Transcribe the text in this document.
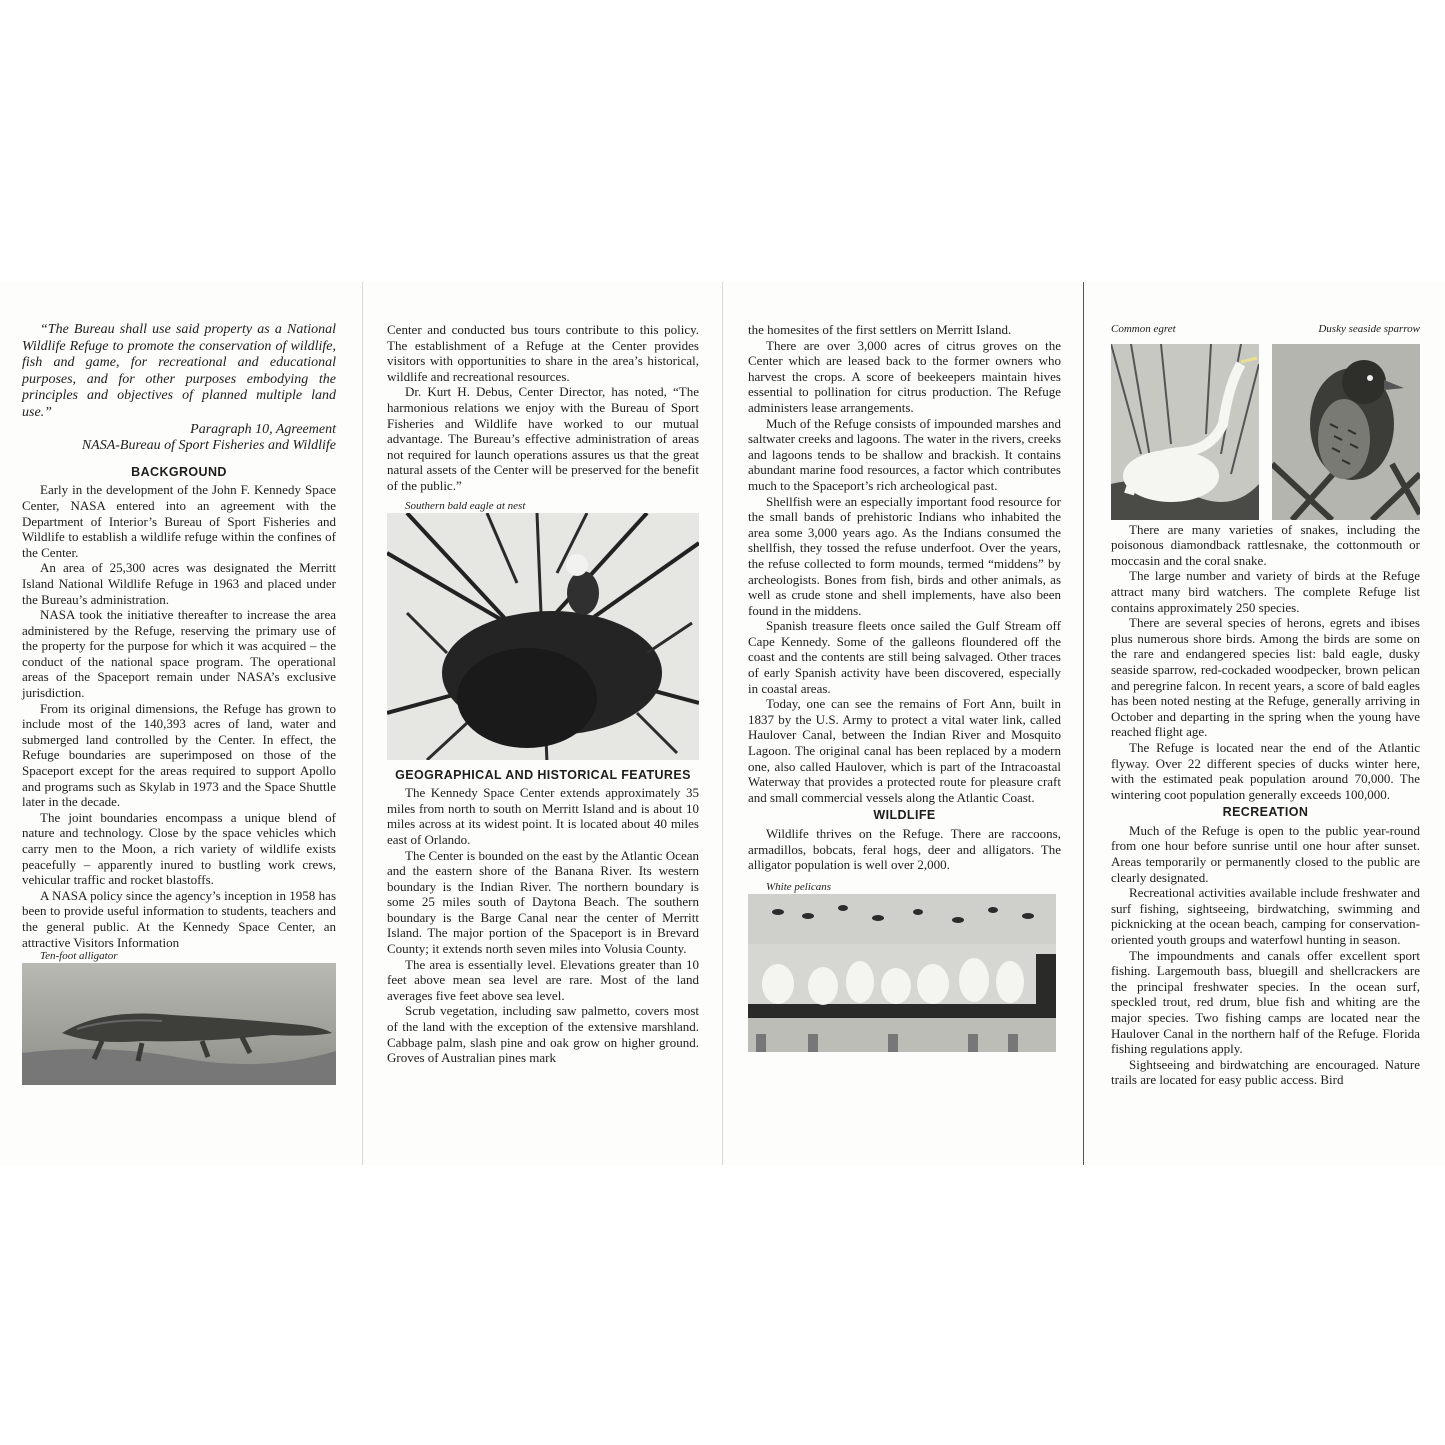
“The Bureau shall use said property as a National Wildlife Refuge to promote the conservation of wildlife, fish and game, for recreational and educational purposes, and for other purposes embodying the principles and objectives of planned multiple land use.”

Paragraph 10, Agreement
NASA-Bureau of Sport Fisheries and Wildlife
BACKGROUND

Early in the development of the John F. Kennedy Space Center, NASA entered into an agreement with the Department of Interior’s Bureau of Sport Fisheries and Wildlife to establish a wildlife refuge within the confines of the Center.

An area of 25,300 acres was designated the Merritt Island National Wildlife Refuge in 1963 and placed under the Bureau’s administration.

NASA took the initiative thereafter to increase the area administered by the Refuge, reserving the primary use of the property for the purpose for which it was acquired – the conduct of the national space program. The operational areas of the Spaceport remain under NASA’s exclusive jurisdiction.

From its original dimensions, the Refuge has grown to include most of the 140,393 acres of land, water and submerged land controlled by the Center. In effect, the Refuge boundaries are superimposed on those of the Spaceport except for the areas required to support Apollo and programs such as Skylab in 1973 and the Space Shuttle later in the decade.

The joint boundaries encompass a unique blend of nature and technology. Close by the space vehicles which carry men to the Moon, a rich variety of wildlife exists peacefully – apparently inured to bustling work crews, vehicular traffic and rocket blastoffs.

A NASA policy since the agency’s inception in 1958 has been to provide useful information to students, teachers and the general public. At the Kennedy Space Center, an attractive Visitors Information

Ten-foot alligator

Center and conducted bus tours contribute to this policy. The establishment of a Refuge at the Center provides visitors with opportunities to share in the area’s historical, wildlife and recreational resources.

Dr. Kurt H. Debus, Center Director, has noted, “The harmonious relations we enjoy with the Bureau of Sport Fisheries and Wildlife have worked to our mutual advantage. The Bureau’s effective administration of areas not required for launch operations assures us that the great natural assets of the Center will be preserved for the benefit of the public.”

Southern bald eagle at nest

GEOGRAPHICAL AND HISTORICAL FEATURES

The Kennedy Space Center extends approximately 35 miles from north to south on Merritt Island and is about 10 miles across at its widest point. It is located about 40 miles east of Orlando.

The Center is bounded on the east by the Atlantic Ocean and the eastern shore of the Banana River. Its western boundary is the Indian River. The northern boundary is some 25 miles south of Daytona Beach. The southern boundary is the Barge Canal near the center of Merritt Island. The major portion of the Spaceport is in Brevard County; it extends north seven miles into Volusia County.

The area is essentially level. Elevations greater than 10 feet above mean sea level are rare. Most of the land averages five feet above sea level.

Scrub vegetation, including saw palmetto, covers most of the land with the exception of the extensive marshland. Cabbage palm, slash pine and oak grow on higher ground. Groves of Australian pines mark

the homesites of the first settlers on Merritt Island.

There are over 3,000 acres of citrus groves on the Center which are leased back to the former owners who harvest the crops. A score of beekeepers maintain hives essential to pollination for citrus production. The Refuge administers lease arrangements.

Much of the Refuge consists of impounded marshes and saltwater creeks and lagoons. The water in the rivers, creeks and lagoons tends to be shallow and brackish. It contains abundant marine food resources, a factor which contributes much to the Spaceport’s rich archeological past.

Shellfish were an especially important food resource for the small bands of prehistoric Indians who inhabited the area some 3,000 years ago. As the Indians consumed the shellfish, they tossed the refuse underfoot. Over the years, the refuse collected to form mounds, termed “middens” by archeologists. Bones from fish, birds and other animals, as well as crude stone and shell implements, have also been found in the middens.

Spanish treasure fleets once sailed the Gulf Stream off Cape Kennedy. Some of the galleons floundered off the coast and the contents are still being salvaged. Other traces of early Spanish activity have been discovered, especially in coastal areas.

Today, one can see the remains of Fort Ann, built in 1837 by the U.S. Army to protect a vital water link, called Haulover Canal, between the Indian River and Mosquito Lagoon. The original canal has been replaced by a modern one, also called Haulover, which is part of the Intracoastal Waterway that provides a protected route for pleasure craft and small commercial vessels along the Atlantic Coast.

WILDLIFE

Wildlife thrives on the Refuge. There are raccoons, armadillos, bobcats, feral hogs, deer and alligators. The alligator population is well over 2,000.

White pelicans

Common egret	Dusky seaside sparrow

There are many varieties of snakes, including the poisonous diamondback rattlesnake, the cottonmouth or moccasin and the coral snake.

The large number and variety of birds at the Refuge attract many bird watchers. The complete Refuge list contains approximately 250 species.

There are several species of herons, egrets and ibises plus numerous shore birds. Among the birds are some on the rare and endangered species list: bald eagle, dusky seaside sparrow, red-cockaded woodpecker, brown pelican and peregrine falcon. In recent years, a score of bald eagles has been noted nesting at the Refuge, generally arriving in October and departing in the spring when the young have reached flight age.

The Refuge is located near the end of the Atlantic flyway. Over 22 different species of ducks winter here, with the estimated peak population around 70,000. The wintering coot population generally exceeds 100,000.

RECREATION

Much of the Refuge is open to the public year-round from one hour before sunrise until one hour after sunset. Areas temporarily or permanently closed to the public are clearly designated.

Recreational activities available include freshwater and surf fishing, sightseeing, birdwatching, swimming and picknicking at the ocean beach, camping for conservation-oriented youth groups and waterfowl hunting in season.

The impoundments and canals offer excellent sport fishing. Largemouth bass, bluegill and shellcrackers are the principal freshwater species. In the ocean surf, speckled trout, red drum, blue fish and whiting are the major species. Two fishing camps are located near the Haulover Canal in the northern half of the Refuge. Florida fishing regulations apply.

Sightseeing and birdwatching are encouraged. Nature trails are located for easy public access. Bird
